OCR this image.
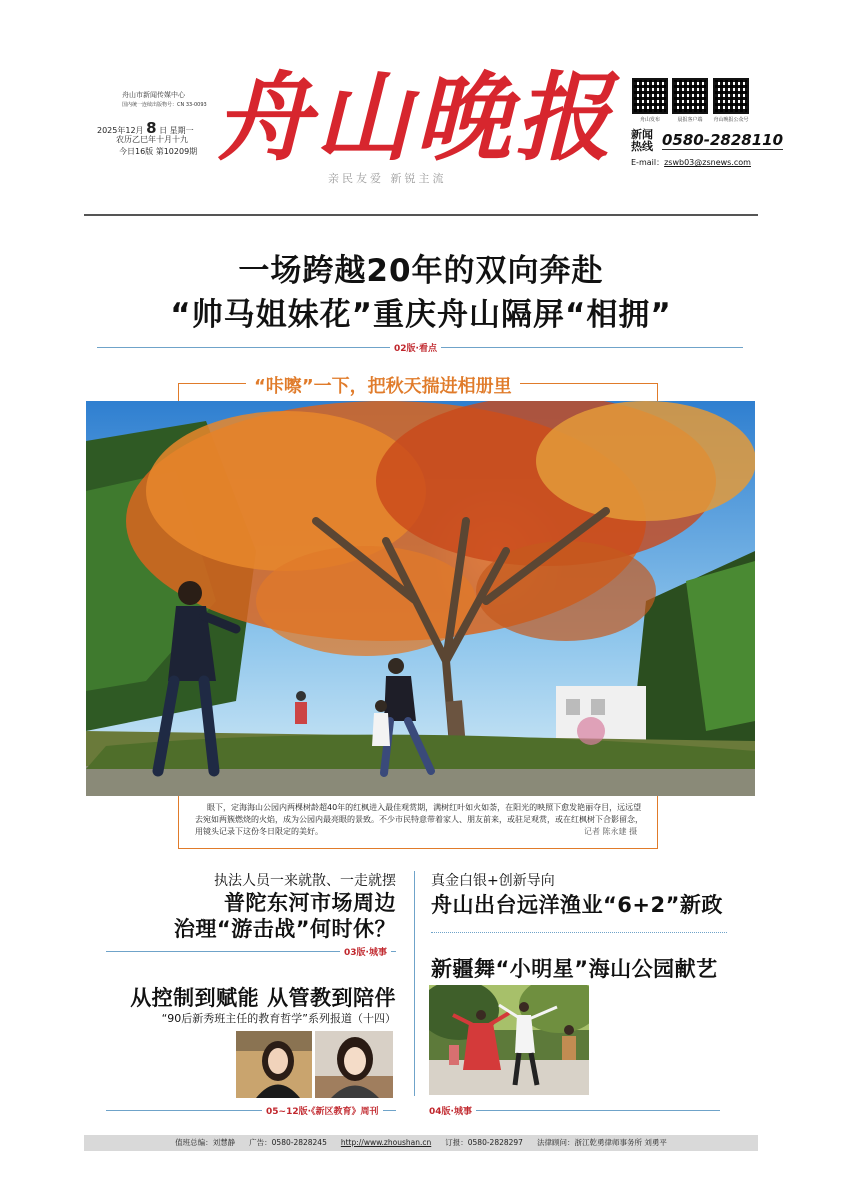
舟山市新闻传媒中心
国内统一连续出版物号：CN 33-0093
2025年12月 8 日 星期一
农历乙巳年十月十九
今日16版 第10209期 舟山晚报
亲民友爱 新锐主流
舟山发布	晨报客户端	舟山晚报公众号
新闻
热线 0580-2828110
E-mail：zswb03@zsnews.com
一场跨越20年的双向奔赴
“帅马姐妹花”重庆舟山隔屏“相拥”
02版·看点
“咔嚓”一下，把秋天揣进相册里
眼下，定海海山公园内两棵树龄超40年的红枫进入最佳观赏期，满树红叶如火如荼，在阳光的映照下愈发艳丽夺目，远远望去宛如两簇燃烧的火焰，成为公园内最亮眼的景致。不少市民特意带着家人、朋友前来，或驻足观赏，或在红枫树下合影留念，用镜头记录下这份冬日限定的美好。	记者 陈永建 摄
执法人员一来就散、一走就摆
普陀东河市场周边
治理“游击战”何时休？
03版·城事
从控制到赋能 从管教到陪伴
“90后新秀班主任的教育哲学”系列报道（十四）
05~12版·《新区教育》周刊
真金白银+创新导向
舟山出台远洋渔业“6+2”新政
新疆舞“小明星”海山公园献艺
04版·城事
值班总编：刘慧静 广告：0580-2828245 http://www.zhoushan.cn 订报：0580-2828297 法律顾问：浙江乾勇律师事务所 刘勇平
